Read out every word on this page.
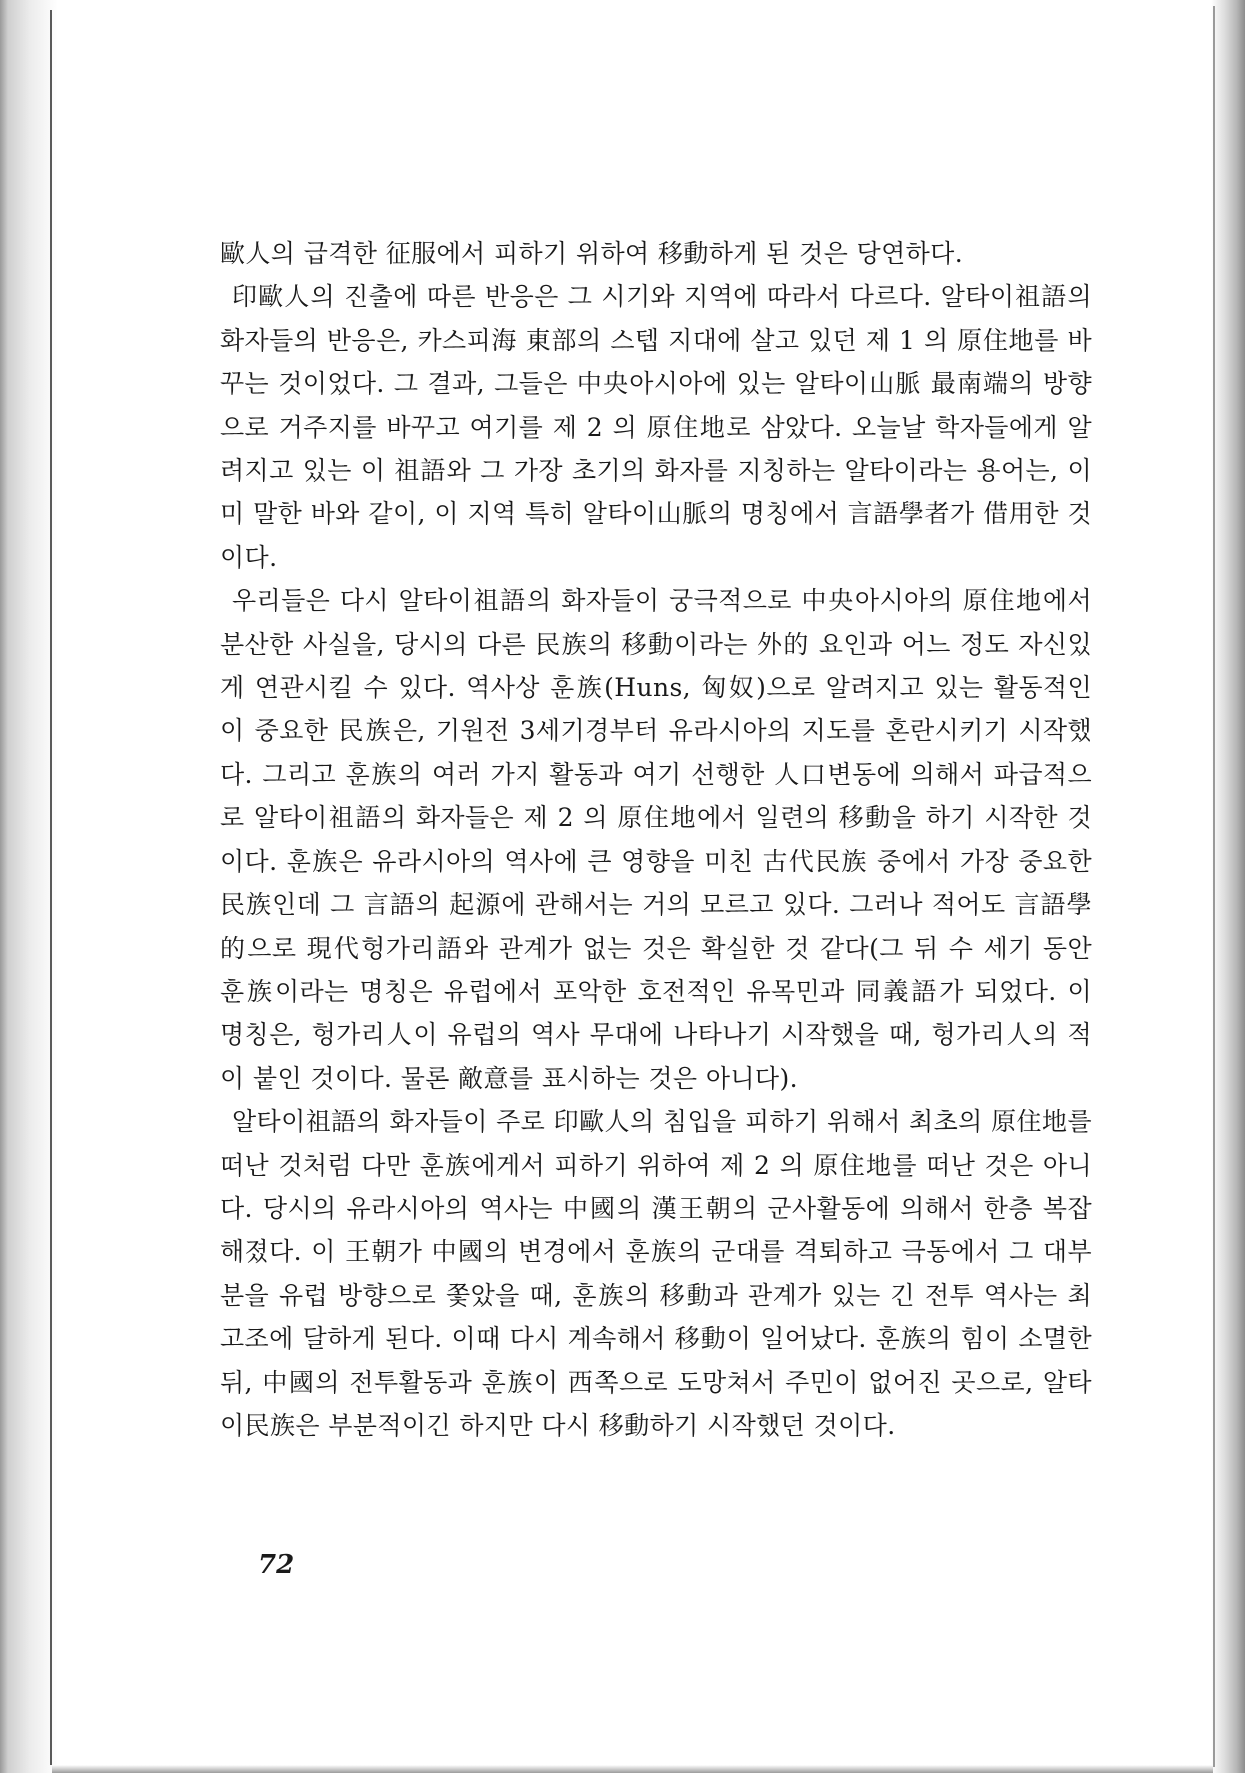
歐人의 급격한 征服에서 피하기 위하여 移動하게 된 것은 당연하다.

印歐人의 진출에 따른 반응은 그 시기와 지역에 따라서 다르다. 알타이祖語의 화자들의 반응은, 카스피海 東部의 스텝 지대에 살고 있던 제 1 의 原住地를 바꾸는 것이었다. 그 결과, 그들은 中央아시아에 있는 알타이山脈 最南端의 방향으로 거주지를 바꾸고 여기를 제 2 의 原住地로 삼았다. 오늘날 학자들에게 알려지고 있는 이 祖語와 그 가장 초기의 화자를 지칭하는 알타이라는 용어는, 이미 말한 바와 같이, 이 지역 특히 알타이山脈의 명칭에서 言語學者가 借用한 것이다.

우리들은 다시 알타이祖語의 화자들이 궁극적으로 中央아시아의 原住地에서 분산한 사실을, 당시의 다른 民族의 移動이라는 外的 요인과 어느 정도 자신있게 연관시킬 수 있다. 역사상 훈族(Huns, 匈奴)으로 알려지고 있는 활동적인 이 중요한 民族은, 기원전 3세기경부터 유라시아의 지도를 혼란시키기 시작했다. 그리고 훈族의 여러 가지 활동과 여기 선행한 人口변동에 의해서 파급적으로 알타이祖語의 화자들은 제 2 의 原住地에서 일련의 移動을 하기 시작한 것이다. 훈族은 유라시아의 역사에 큰 영향을 미친 古代民族 중에서 가장 중요한 民族인데 그 言語의 起源에 관해서는 거의 모르고 있다. 그러나 적어도 言語學的으로 現代헝가리語와 관계가 없는 것은 확실한 것 같다(그 뒤 수 세기 동안 훈族이라는 명칭은 유럽에서 포악한 호전적인 유목민과 同義語가 되었다. 이 명칭은, 헝가리人이 유럽의 역사 무대에 나타나기 시작했을 때, 헝가리人의 적이 붙인 것이다. 물론 敵意를 표시하는 것은 아니다).

알타이祖語의 화자들이 주로 印歐人의 침입을 피하기 위해서 최초의 原住地를 떠난 것처럼 다만 훈族에게서 피하기 위하여 제 2 의 原住地를 떠난 것은 아니다. 당시의 유라시아의 역사는 中國의 漢王朝의 군사활동에 의해서 한층 복잡해졌다. 이 王朝가 中國의 변경에서 훈族의 군대를 격퇴하고 극동에서 그 대부분을 유럽 방향으로 쫓았을 때, 훈族의 移動과 관계가 있는 긴 전투 역사는 최고조에 달하게 된다. 이때 다시 계속해서 移動이 일어났다. 훈族의 힘이 소멸한 뒤, 中國의 전투활동과 훈族이 西쪽으로 도망쳐서 주민이 없어진 곳으로, 알타이民族은 부분적이긴 하지만 다시 移動하기 시작했던 것이다.

72
